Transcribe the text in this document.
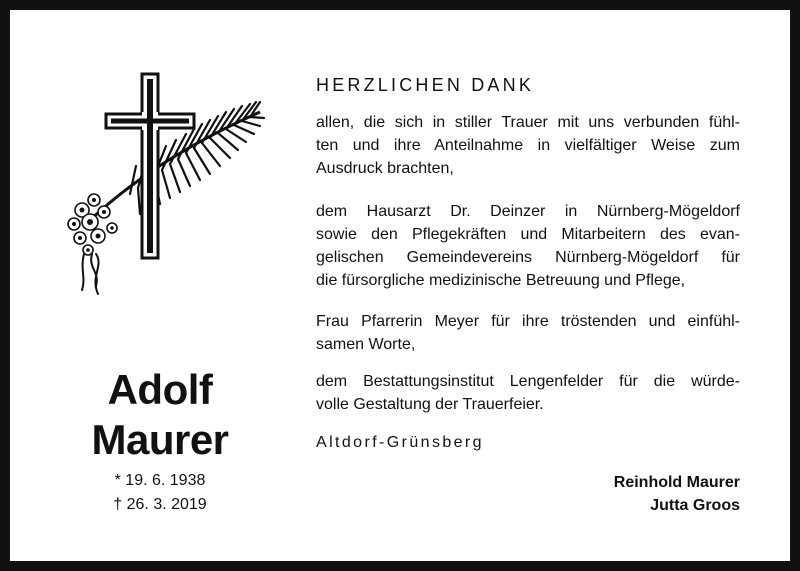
Adolf
Maurer
* 19. 6. 1938
† 26. 3. 2019
HERZLICHEN DANK
allen, die sich in stiller Trauer mit uns verbunden fühl-
ten und ihre Anteilnahme in vielfältiger Weise zum
Ausdruck brachten,
dem Hausarzt Dr. Deinzer in Nürnberg-Mögeldorf
sowie den Pflegekräften und Mitarbeitern des evan-
gelischen Gemeindevereins Nürnberg-Mögeldorf für
die fürsorgliche medizinische Betreuung und Pflege,
Frau Pfarrerin Meyer für ihre tröstenden und einfühl-
samen Worte,
dem Bestattungsinstitut Lengenfelder für die würde-
volle Gestaltung der Trauerfeier.
Altdorf-Grünsberg
Reinhold Maurer
Jutta Groos
